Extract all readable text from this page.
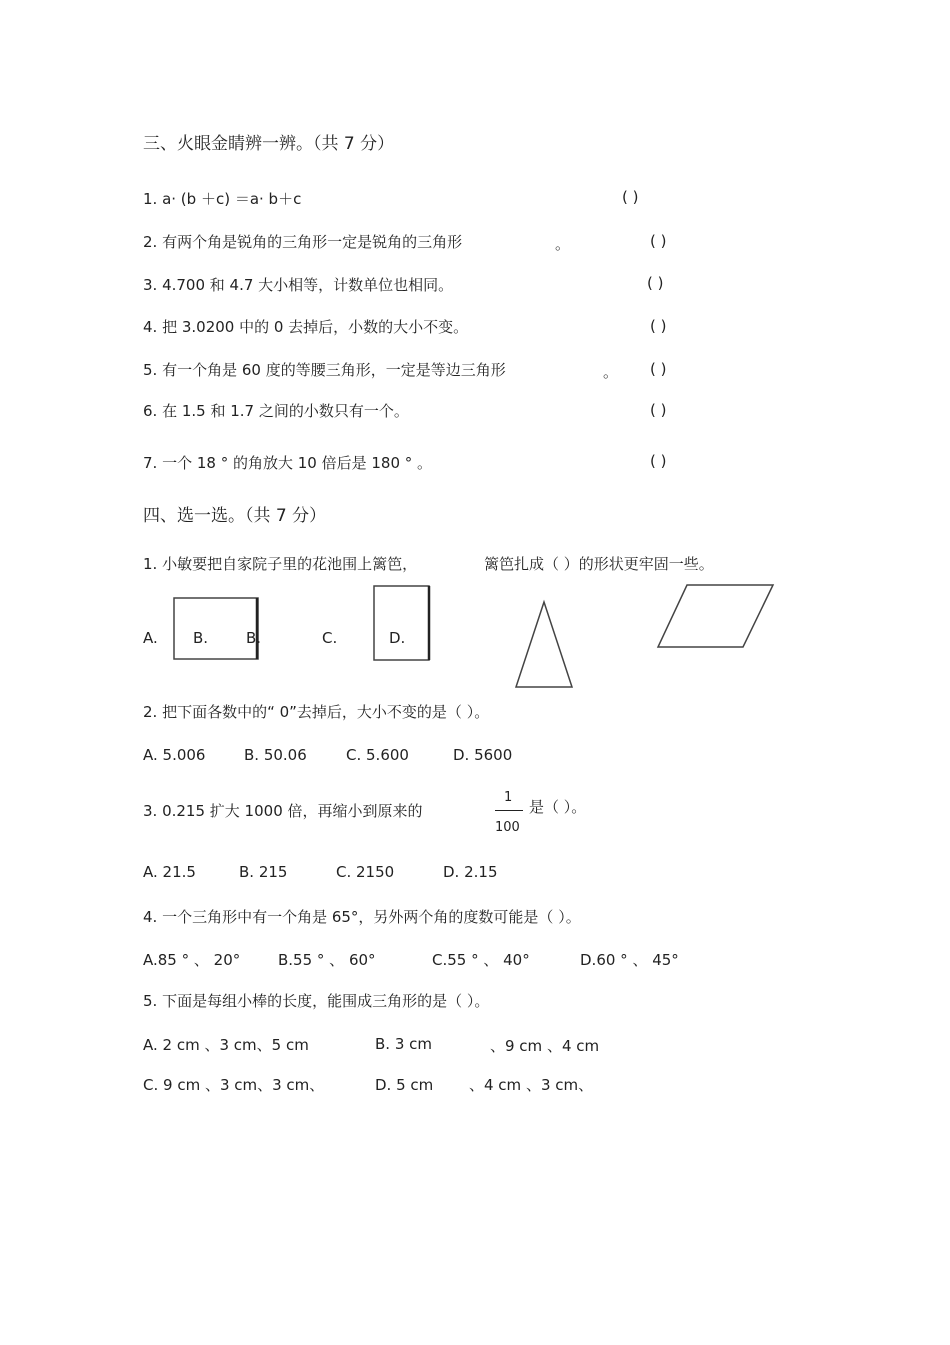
三、火眼金睛辨一辨。（共 7 分）
1. a· (b ＋c) ＝a· b＋c	( )
2. 有两个角是锐角的三角形一定是锐角的三角形	。	( )
3. 4.700 和 4.7 大小相等，计数单位也相同。	( )
4. 把 3.0200 中的 0 去掉后，小数的大小不变。	( )
5. 有一个角是 60 度的等腰三角形，一定是等边三角形	。 ( )
6. 在 1.5 和 1.7 之间的小数只有一个。	( )
7. 一个 18 ° 的角放大 10 倍后是 180 ° 。	( )
四、选一选。（共 7 分）
1. 小敏要把自家院子里的花池围上篱笆，	篱笆扎成（ ）的形状更牢固一些。
A. B.	B.	C.	D.
2. 把下面各数中的“ 0”去掉后，大小不变的是（ ）。
A. 5.006	B. 50.06	C. 5.600	D. 5600
3. 0.215 扩大 1000 倍，再缩小到原来的
1
100
是（ ）。
A. 21.5	B. 215	C. 2150	D. 2.15
4. 一个三角形中有一个角是 65°，另外两个角的度数可能是（ ）。
A.85 ° 、 20°	B.55 ° 、 60°	C.55 ° 、 40°	D.60 ° 、 45°
5. 下面是每组小棒的长度，能围成三角形的是（ ）。
A. 2 cm 、3 cm、5 cm	B. 3 cm	、9 cm 、4 cm
C. 9 cm 、3 cm、3 cm、	D. 5 cm 、4 cm 、3 cm、
